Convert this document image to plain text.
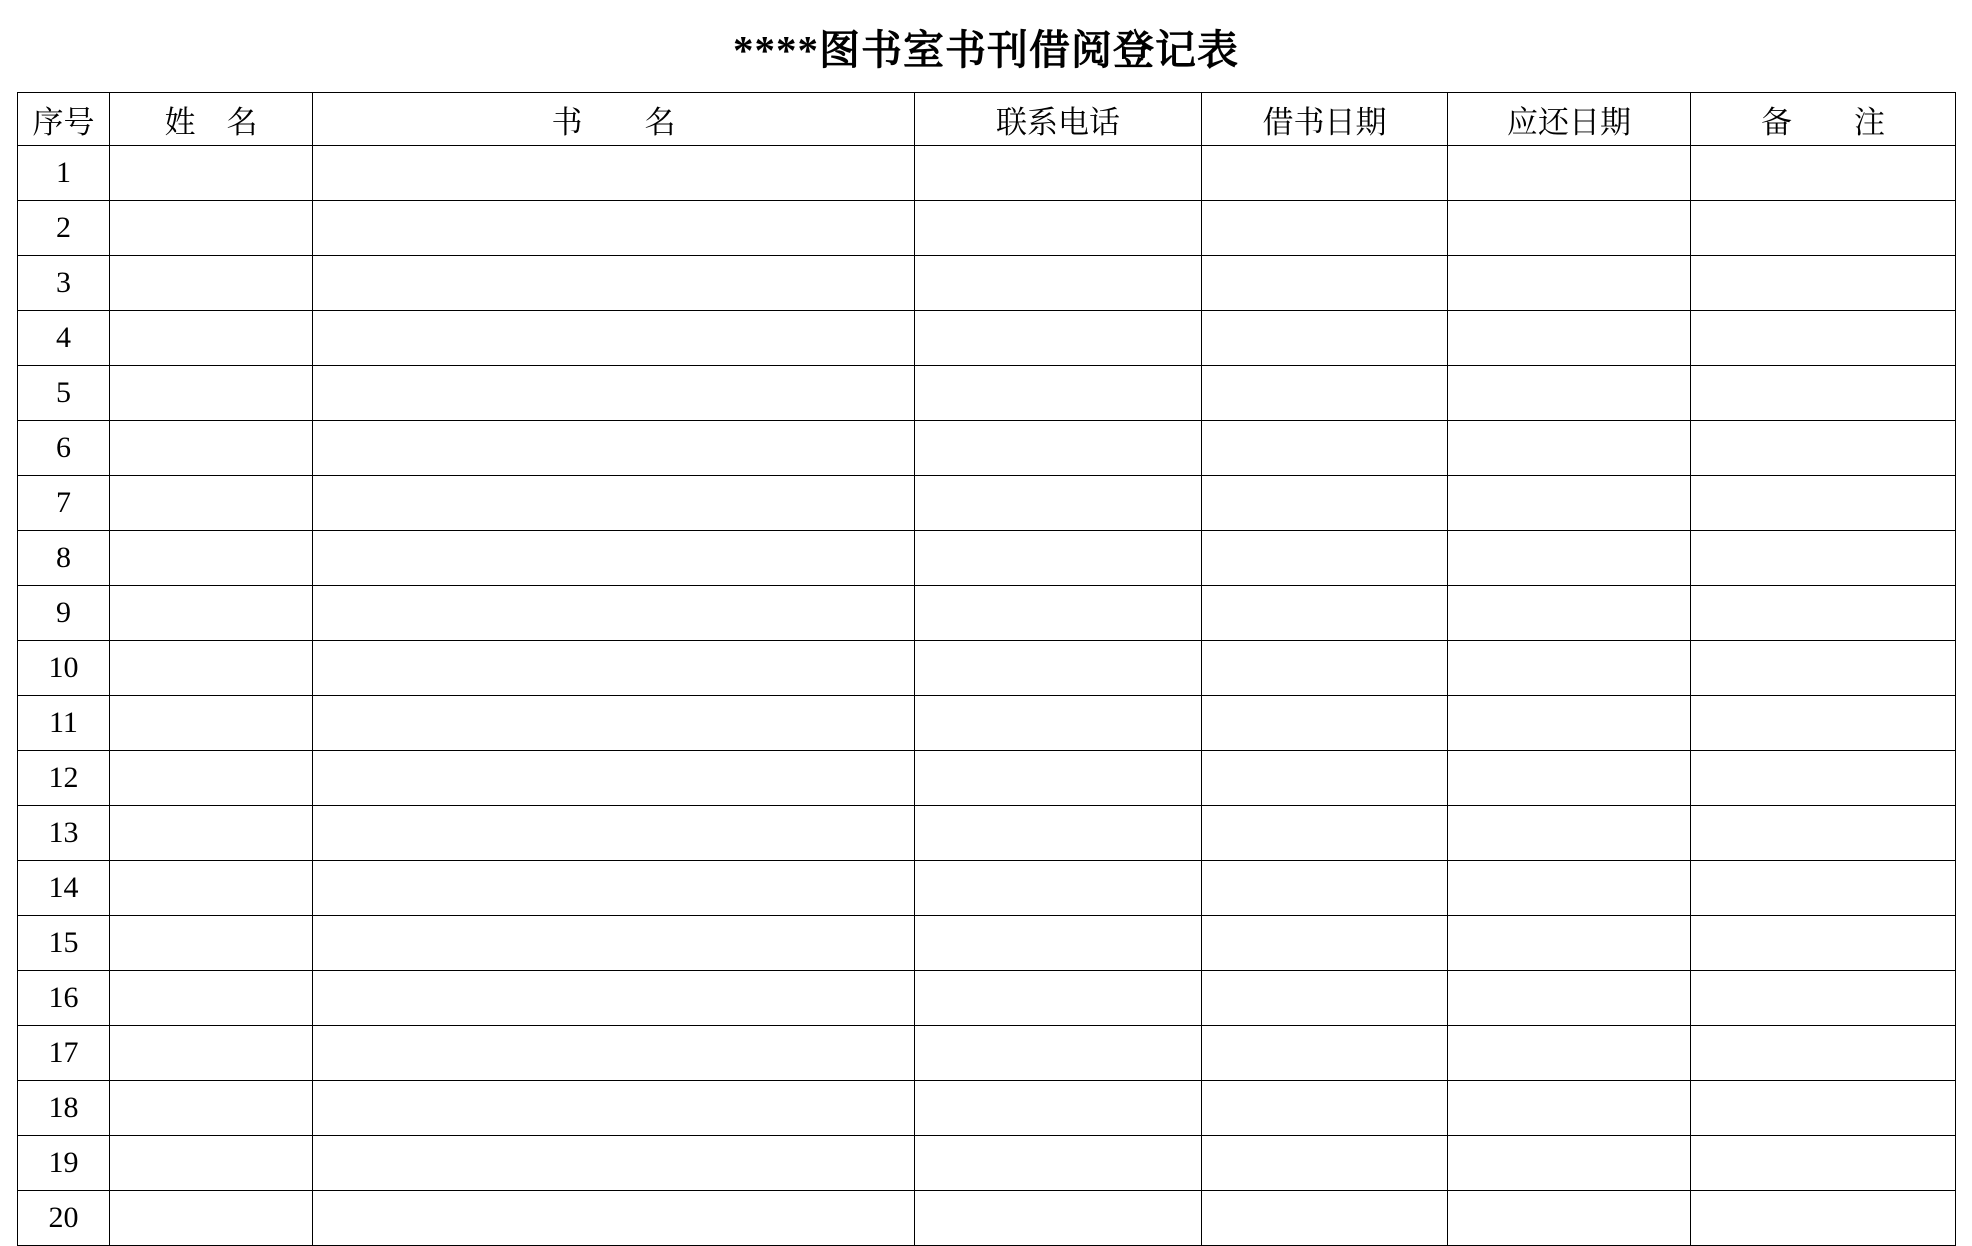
****图书室书刊借阅登记表
序号	姓　名	书　　名	联系电话	借书日期	应还日期	备　　注
1						
2						
3						
4						
5						
6						
7						
8						
9						
10						
11						
12						
13						
14						
15						
16						
17						
18						
19						
20						
